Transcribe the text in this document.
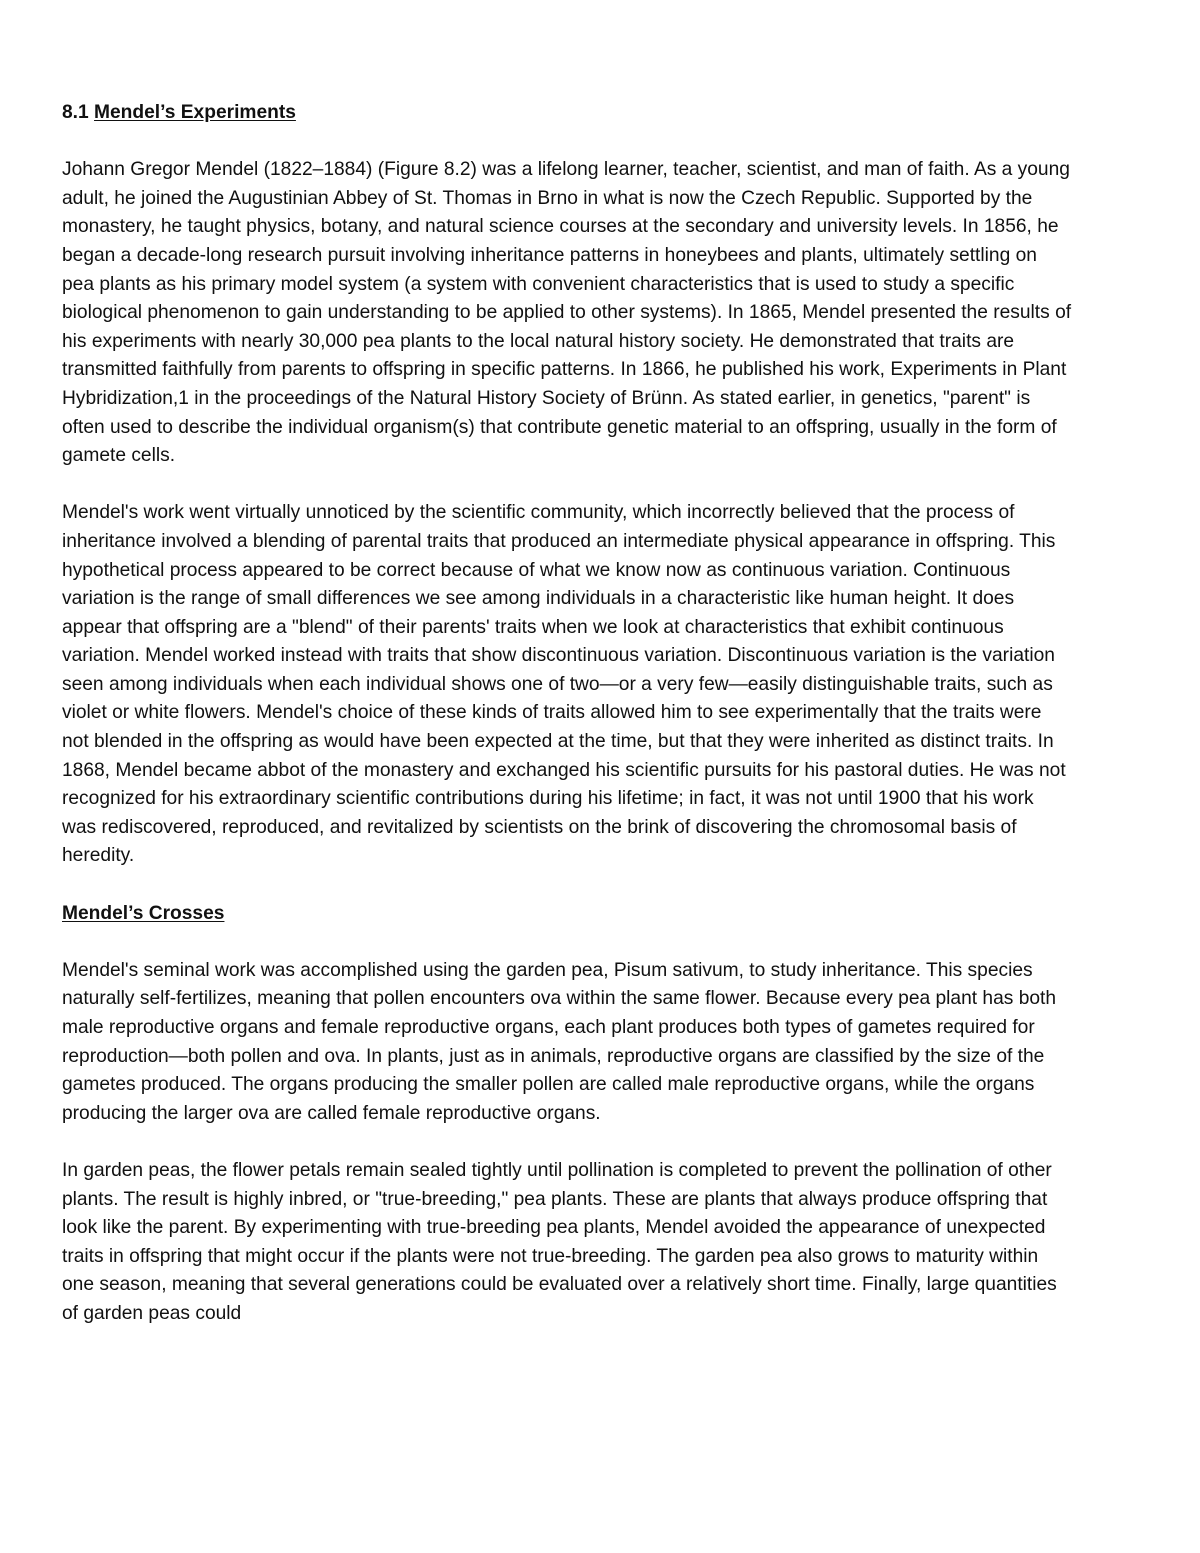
8.1 Mendel’s Experiments

Johann Gregor Mendel (1822–1884) (Figure 8.2) was a lifelong learner, teacher, scientist, and man of faith. As a young adult, he joined the Augustinian Abbey of St. Thomas in Brno in what is now the Czech Republic. Supported by the monastery, he taught physics, botany, and natural science courses at the secondary and university levels. In 1856, he began a decade-long research pursuit involving inheritance patterns in honeybees and plants, ultimately settling on pea plants as his primary model system (a system with convenient characteristics that is used to study a specific biological phenomenon to gain understanding to be applied to other systems). In 1865, Mendel presented the results of his experiments with nearly 30,000 pea plants to the local natural history society. He demonstrated that traits are transmitted faithfully from parents to offspring in specific patterns. In 1866, he published his work, Experiments in Plant Hybridization,1 in the proceedings of the Natural History Society of Brünn. As stated earlier, in genetics, "parent" is often used to describe the individual organism(s) that contribute genetic material to an offspring, usually in the form of gamete cells.

Mendel's work went virtually unnoticed by the scientific community, which incorrectly believed that the process of inheritance involved a blending of parental traits that produced an intermediate physical appearance in offspring. This hypothetical process appeared to be correct because of what we know now as continuous variation. Continuous variation is the range of small differences we see among individuals in a characteristic like human height. It does appear that offspring are a "blend" of their parents' traits when we look at characteristics that exhibit continuous variation. Mendel worked instead with traits that show discontinuous variation. Discontinuous variation is the variation seen among individuals when each individual shows one of two—or a very few—easily distinguishable traits, such as violet or white flowers. Mendel's choice of these kinds of traits allowed him to see experimentally that the traits were not blended in the offspring as would have been expected at the time, but that they were inherited as distinct traits. In 1868, Mendel became abbot of the monastery and exchanged his scientific pursuits for his pastoral duties. He was not recognized for his extraordinary scientific contributions during his lifetime; in fact, it was not until 1900 that his work was rediscovered, reproduced, and revitalized by scientists on the brink of discovering the chromosomal basis of heredity.

Mendel’s Crosses

Mendel's seminal work was accomplished using the garden pea, Pisum sativum, to study inheritance. This species naturally self-fertilizes, meaning that pollen encounters ova within the same flower. Because every pea plant has both male reproductive organs and female reproductive organs, each plant produces both types of gametes required for reproduction—both pollen and ova. In plants, just as in animals, reproductive organs are classified by the size of the gametes produced. The organs producing the smaller pollen are called male reproductive organs, while the organs producing the larger ova are called female reproductive organs.

In garden peas, the flower petals remain sealed tightly until pollination is completed to prevent the pollination of other plants. The result is highly inbred, or "true-breeding," pea plants. These are plants that always produce offspring that look like the parent. By experimenting with true-breeding pea plants, Mendel avoided the appearance of unexpected traits in offspring that might occur if the plants were not true-breeding. The garden pea also grows to maturity within one season, meaning that several generations could be evaluated over a relatively short time. Finally, large quantities of garden peas could
